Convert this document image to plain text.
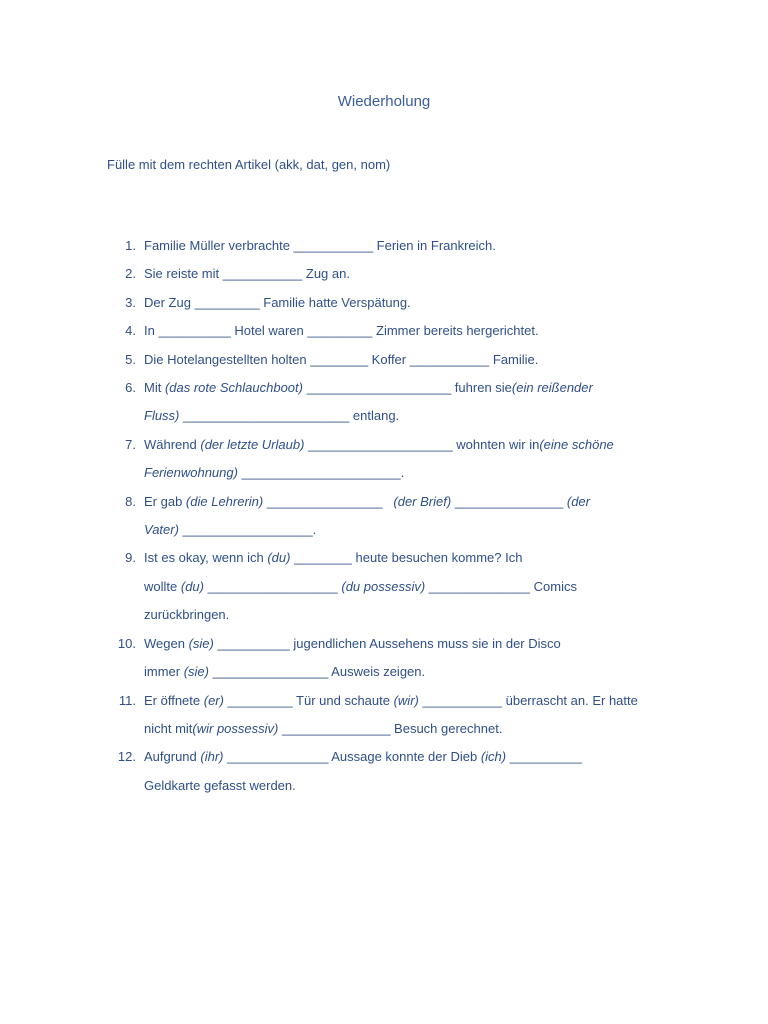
Wiederholung
Fülle mit dem rechten Artikel (akk, dat, gen, nom)
1. Familie Müller verbrachte ___________ Ferien in Frankreich.
2. Sie reiste mit ___________ Zug an.
3. Der Zug _________ Familie hatte Verspätung.
4. In __________ Hotel waren _________ Zimmer bereits hergerichtet.
5. Die Hotelangestellten holten ________ Koffer ___________ Familie.
6. Mit (das rote Schlauchboot) ____________________ fuhren sie(ein reißender
Fluss) _______________________ entlang.
7. Während (der letzte Urlaub) ____________________ wohnten wir in(eine schöne
Ferienwohnung) ______________________.
8. Er gab (die Lehrerin) ________________   (der Brief) _______________ (der
Vater) __________________.
9. Ist es okay, wenn ich (du) ________ heute besuchen komme? Ich
wollte (du) __________________ (du possessiv) ______________ Comics
zurückbringen.
10. Wegen (sie) __________ jugendlichen Aussehens muss sie in der Disco
immer (sie) ________________ Ausweis zeigen.
11. Er öffnete (er) _________ Tür und schaute (wir) ___________ überrascht an. Er hatte
nicht mit(wir possessiv) _______________ Besuch gerechnet.
12. Aufgrund (ihr) ______________ Aussage konnte der Dieb (ich) __________
Geldkarte gefasst werden.
